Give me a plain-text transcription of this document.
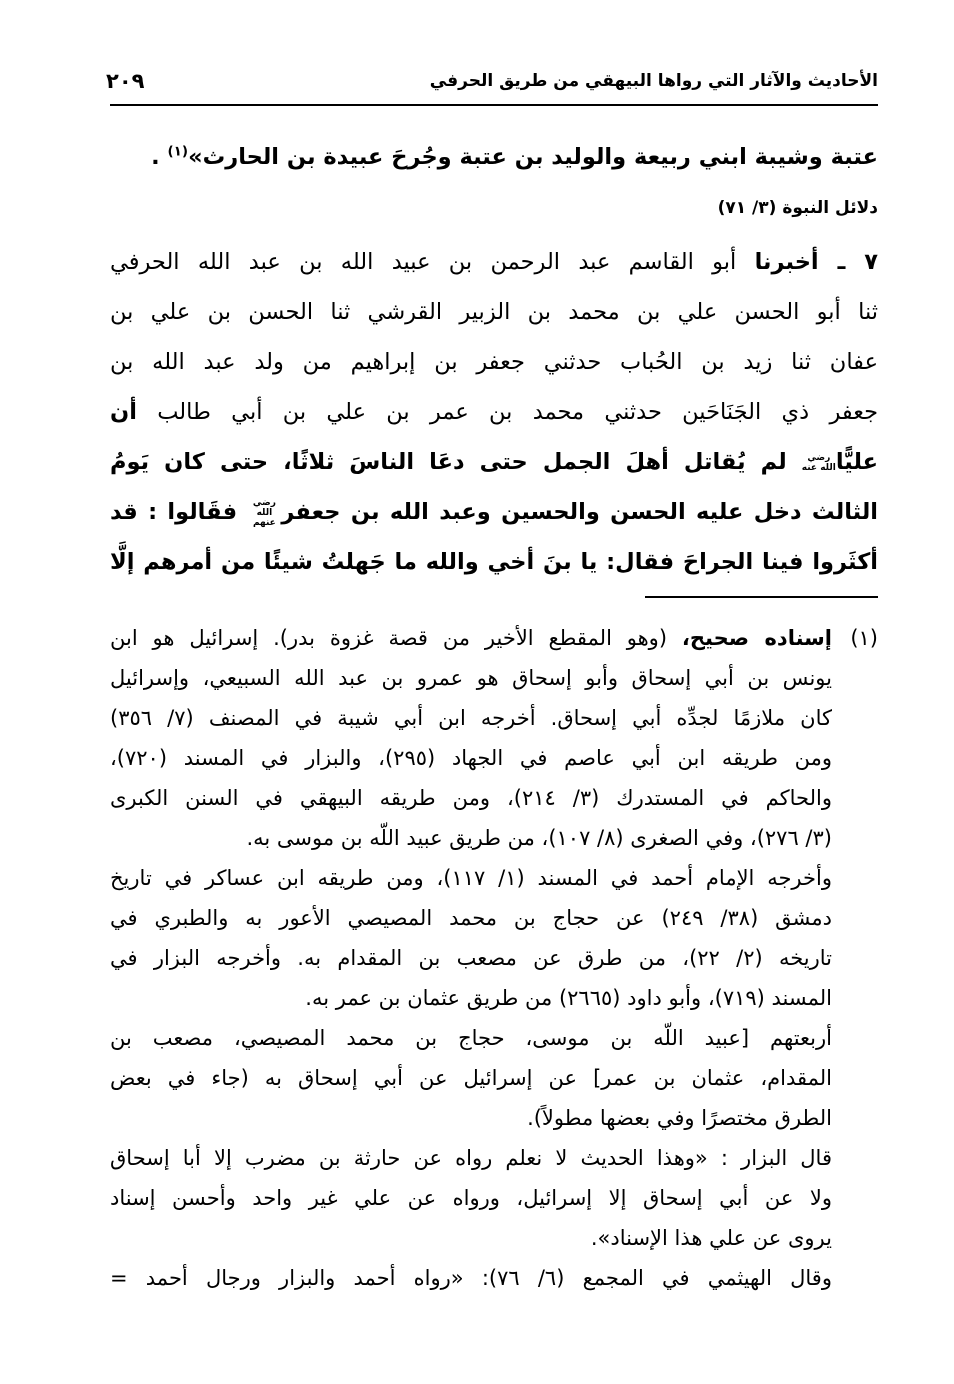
الأحاديث والآثار التي رواها البيهقي من طريق الحرفي
٢٠٩
عتبة وشيبة ابني ربيعة والوليد بن عتبة وجُرحَ عبيدة بن الحارث»$^{(١)}$ .
دلائل النبوة (٣/ ٧١)
٧ ـ أخبرنا أبو القاسم عبد الرحمن بن عبيد الله بن عبد الله الحرفي
ثنا أبو الحسن علي بن محمد بن الزبير القرشي ثنا الحسن بن علي بن
عفان ثنا زيد بن الحُباب حدثني جعفر بن إبراهيم من ولد عبد الله بن
جعفر ذي الجَنَاحَين حدثني محمد بن عمر بن علي بن أبي طالب أن
عليًّارضي الله عنه لم يُقاتل أهلَ الجمل حتى دعَا الناسَ ثلاثًا، حتى كان يَومُ
الثالث دخل عليه الحسن والحسين وعبد الله بن جعفررضي الله عنهم فقَالوا : قد
أكثَروا فينا الجراحَ فقال: يا بنَ أخي والله ما جَهلتُ شيئًا من أمرهم إلَّا
(١)
إسناده صحيح، (وهو المقطع الأخير من قصة غزوة بدر). إسرائيل هو ابن
يونس بن أبي إسحاق وأبو إسحاق هو عمرو بن عبد الله السبيعي، وإسرائيل
كان ملازمًا لجدِّه أبي إسحاق. أخرجه ابن أبي شيبة في المصنف (٧/ ٣٥٦)
ومن طريقه ابن أبي عاصم في الجهاد (٢٩٥)، والبزار في المسند (٧٢٠)،
والحاكم في المستدرك (٣/ ٢١٤)، ومن طريقه البيهقي في السنن الكبرى
(٣/ ٢٧٦)، وفي الصغرى (٨/ ١٠٧)، من طريق عبيد اللّه بن موسى به.
وأخرجه الإمام أحمد في المسند (١/ ١١٧)، ومن طريقه ابن عساكر في تاريخ
دمشق (٣٨/ ٢٤٩) عن حجاج بن محمد المصيصي الأعور به والطبري في
تاريخه (٢/ ٢٢)، من طرق عن مصعب بن المقدام به. وأخرجه البزار في
المسند (٧١٩)، وأبو داود (٢٦٦٥) من طريق عثمان بن عمر به.
أربعتهم [عبيد اللّه بن موسى، حجاج بن محمد المصيصي، مصعب بن
المقدام، عثمان بن عمر] عن إسرائيل عن أبي إسحاق به (جاء في بعض
الطرق مختصرًا وفي بعضها مطولاً).
قال البزار : «وهذا الحديث لا نعلم رواه عن حارثة بن مضرب إلا أبا إسحاق
ولا عن أبي إسحاق إلا إسرائيل، ورواه عن علي غير واحد وأحسن إسناد
يروى عن علي هذا الإسناد».
وقال الهيثمي في المجمع (٦/ ٧٦): «رواه أحمد والبزار ورجال أحمد =
